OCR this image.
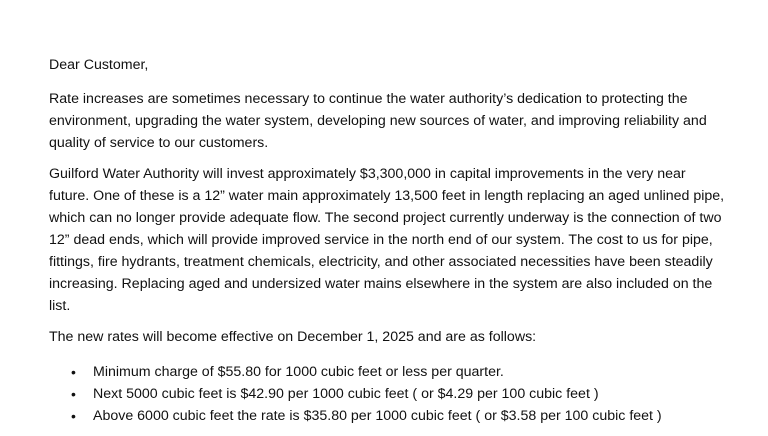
Dear Customer,

Rate increases are sometimes necessary to continue the water authority’s dedication to protecting the environment, upgrading the water system, developing new sources of water, and improving reliability and quality of service to our customers.

Guilford Water Authority will invest approximately $3,300,000 in capital improvements in the very near future. One of these is a 12” water main approximately 13,500 feet in length replacing an aged unlined pipe, which can no longer provide adequate flow. The second project currently underway is the connection of two 12” dead ends, which will provide improved service in the north end of our system. The cost to us for pipe, fittings, fire hydrants, treatment chemicals, electricity, and other associated necessities have been steadily increasing. Replacing aged and undersized water mains elsewhere in the system are also included on the list.

The new rates will become effective on December 1, 2025 and are as follows:

• Minimum charge of $55.80 for 1000 cubic feet or less per quarter.
• Next 5000 cubic feet is $42.90 per 1000 cubic feet ( or $4.29 per 100 cubic feet )
• Above 6000 cubic feet the rate is $35.80 per 1000 cubic feet ( or $3.58 per 100 cubic feet )
